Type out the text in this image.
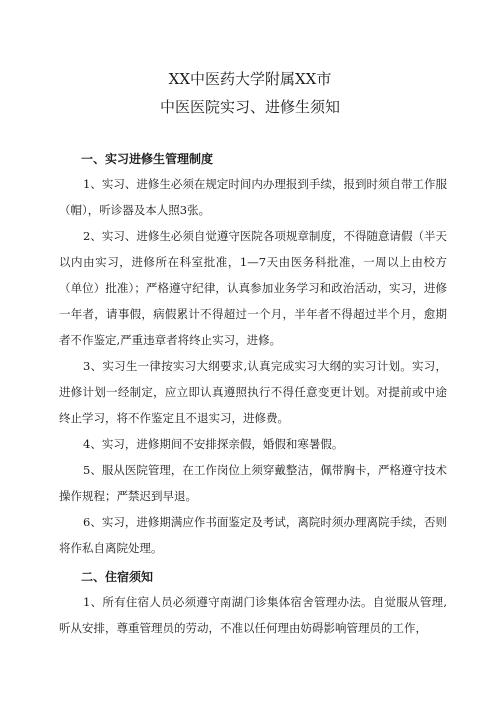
XX中医药大学附属XX市
中医医院实习、进修生须知
一、实习进修生管理制度
1、实习、进修生必须在规定时间内办理报到手续，报到时须自带工作服（帽），听诊器及本人照3张。
2、实习、进修生必须自觉遵守医院各项规章制度，不得随意请假（半天以内由实习，进修所在科室批准，1—7天由医务科批准，一周以上由校方（单位）批准）；严格遵守纪律，认真参加业务学习和政治活动，实习，进修一年者，请事假，病假累计不得超过一个月，半年者不得超过半个月，愈期者不作鉴定,严重违章者将终止实习，进修。
3、实习生一律按实习大纲要求,认真完成实习大纲的实习计划。实习，进修计划一经制定，应立即认真遵照执行不得任意变更计划。对提前或中途终止学习，将不作鉴定且不退实习，进修费。
4、实习，进修期间不安排探亲假，婚假和寒暑假。
5、服从医院管理，在工作岗位上须穿戴整洁，佩带胸卡，严格遵守技术操作规程；严禁迟到早退。
6、实习，进修期满应作书面鉴定及考试，离院时须办理离院手续，否则将作私自离院处理。
二、住宿须知
1、所有住宿人员必须遵守南湖门诊集体宿舍管理办法。自觉服从管理,听从安排，尊重管理员的劳动，不准以任何理由妨碍影响管理员的工作，
